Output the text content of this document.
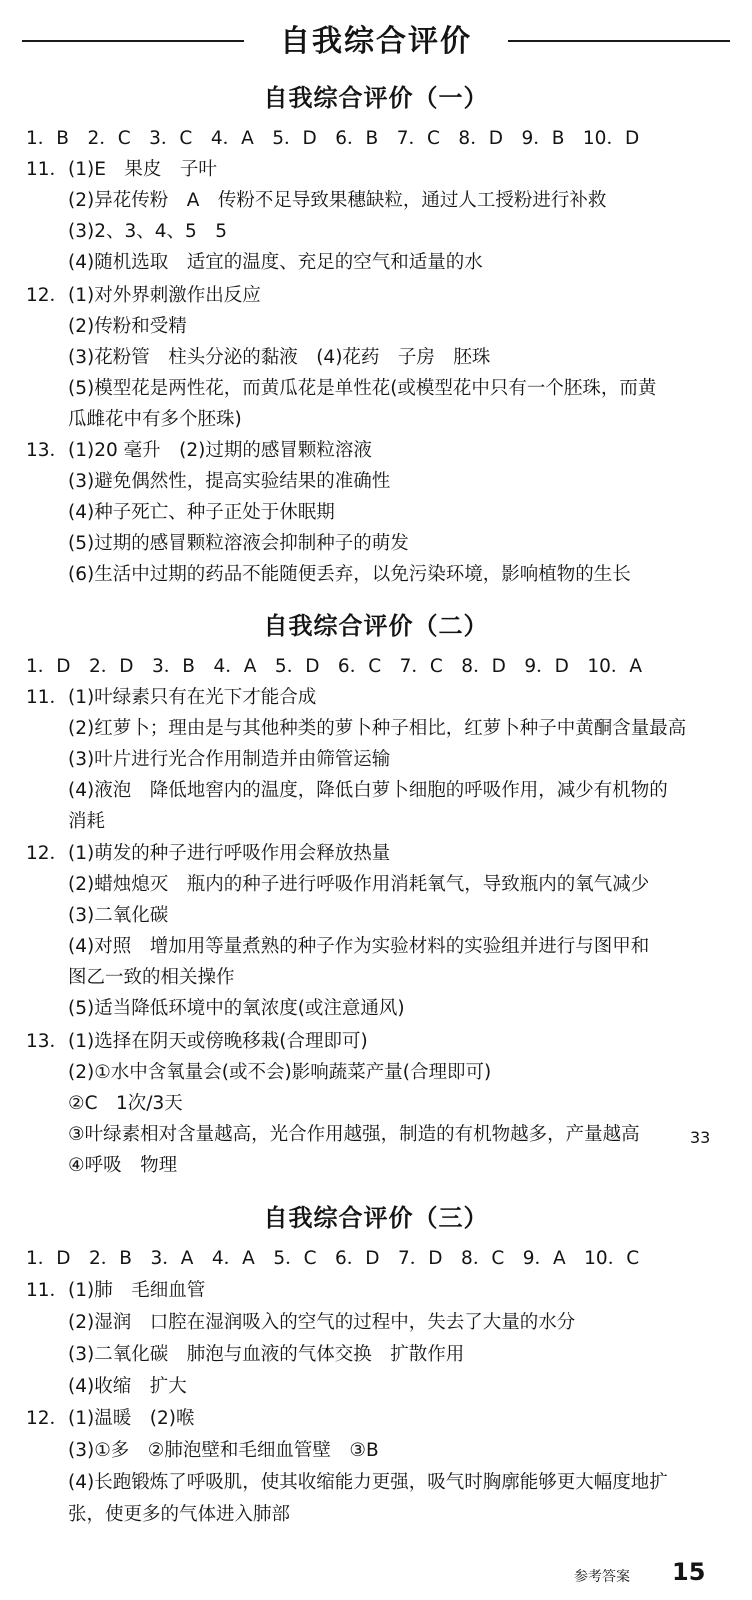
自我综合评价
自我综合评价（一）
1．B　2．C　3．C　4．A　5．D　6．B　7．C　8．D　9．B　10．D
11．(1)E　果皮　子叶
(2)异花传粉　A　传粉不足导致果穗缺粒，通过人工授粉进行补救
(3)2、3、4、5　5
(4)随机选取　适宜的温度、充足的空气和适量的水
12．(1)对外界刺激作出反应
(2)传粉和受精
(3)花粉管　柱头分泌的黏液　(4)花药　子房　胚珠
(5)模型花是两性花，而黄瓜花是单性花(或模型花中只有一个胚珠，而黄
瓜雌花中有多个胚珠)
13．(1)20 毫升　(2)过期的感冒颗粒溶液
(3)避免偶然性，提高实验结果的准确性
(4)种子死亡、种子正处于休眠期
(5)过期的感冒颗粒溶液会抑制种子的萌发
(6)生活中过期的药品不能随便丢弃，以免污染环境，影响植物的生长
自我综合评价（二）
1．D　2．D　3．B　4．A　5．D　6．C　7．C　8．D　9．D　10．A
11．(1)叶绿素只有在光下才能合成
(2)红萝卜；理由是与其他种类的萝卜种子相比，红萝卜种子中黄酮含量最高
(3)叶片进行光合作用制造并由筛管运输
(4)液泡　降低地窖内的温度，降低白萝卜细胞的呼吸作用，减少有机物的
消耗
12．(1)萌发的种子进行呼吸作用会释放热量
(2)蜡烛熄灭　瓶内的种子进行呼吸作用消耗氧气，导致瓶内的氧气减少
(3)二氧化碳
(4)对照　增加用等量煮熟的种子作为实验材料的实验组并进行与图甲和
图乙一致的相关操作
(5)适当降低环境中的氧浓度(或注意通风)
13．(1)选择在阴天或傍晚移栽(合理即可)
(2)①水中含氧量会(或不会)影响蔬菜产量(合理即可)
②C　1次/3天
③叶绿素相对含量越高，光合作用越强，制造的有机物越多，产量越高
④呼吸　物理
33
自我综合评价（三）
1．D　2．B　3．A　4．A　5．C　6．D　7．D　8．C　9．A　10．C
11．(1)肺　毛细血管
(2)湿润　口腔在湿润吸入的空气的过程中，失去了大量的水分
(3)二氧化碳　肺泡与血液的气体交换　扩散作用
(4)收缩　扩大
12．(1)温暖　(2)喉
(3)①多　②肺泡壁和毛细血管壁　③B
(4)长跑锻炼了呼吸肌，使其收缩能力更强，吸气时胸廓能够更大幅度地扩
张，使更多的气体进入肺部
参考答案 15
